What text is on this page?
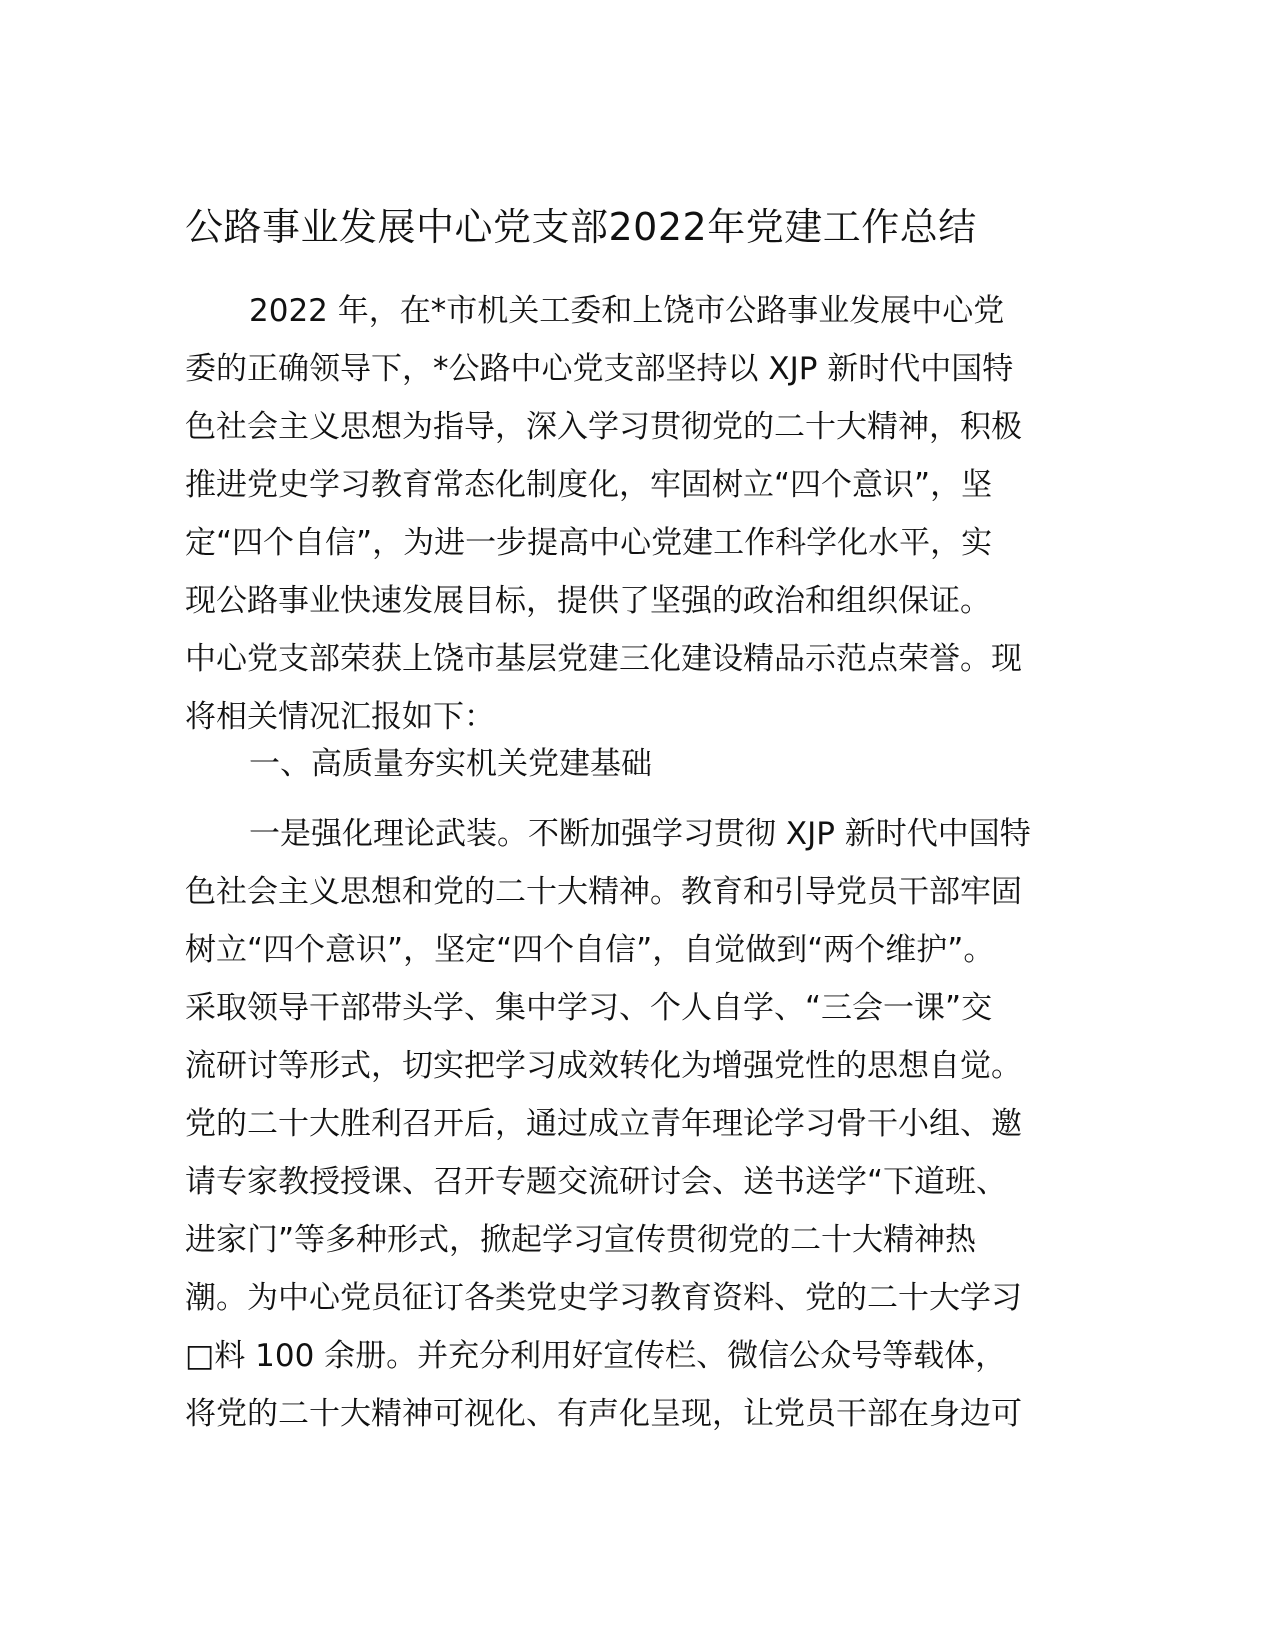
公路事业发展中心党支部2022年党建工作总结
2022 年，在*市机关工委和上饶市公路事业发展中心党
委的正确领导下，*公路中心党支部坚持以 XJP 新时代中国特
色社会主义思想为指导，深入学习贯彻党的二十大精神，积极
推进党史学习教育常态化制度化，牢固树立“四个意识”，坚
定“四个自信”，为进一步提高中心党建工作科学化水平，实
现公路事业快速发展目标，提供了坚强的政治和组织保证。
中心党支部荣获上饶市基层党建三化建设精品示范点荣誉。现
将相关情况汇报如下：
一、高质量夯实机关党建基础
一是强化理论武装。不断加强学习贯彻 XJP 新时代中国特
色社会主义思想和党的二十大精神。教育和引导党员干部牢固
树立“四个意识”，坚定“四个自信”，自觉做到“两个维护”。
采取领导干部带头学、集中学习、个人自学、“三会一课”交
流研讨等形式，切实把学习成效转化为增强党性的思想自觉。
党的二十大胜利召开后，通过成立青年理论学习骨干小组、邀
请专家教授授课、召开专题交流研讨会、送书送学“下道班、
进家门”等多种形式，掀起学习宣传贯彻党的二十大精神热
潮。为中心党员征订各类党史学习教育资料、党的二十大学习
□料 100 余册。并充分利用好宣传栏、微信公众号等载体，
将党的二十大精神可视化、有声化呈现，让党员干部在身边可
